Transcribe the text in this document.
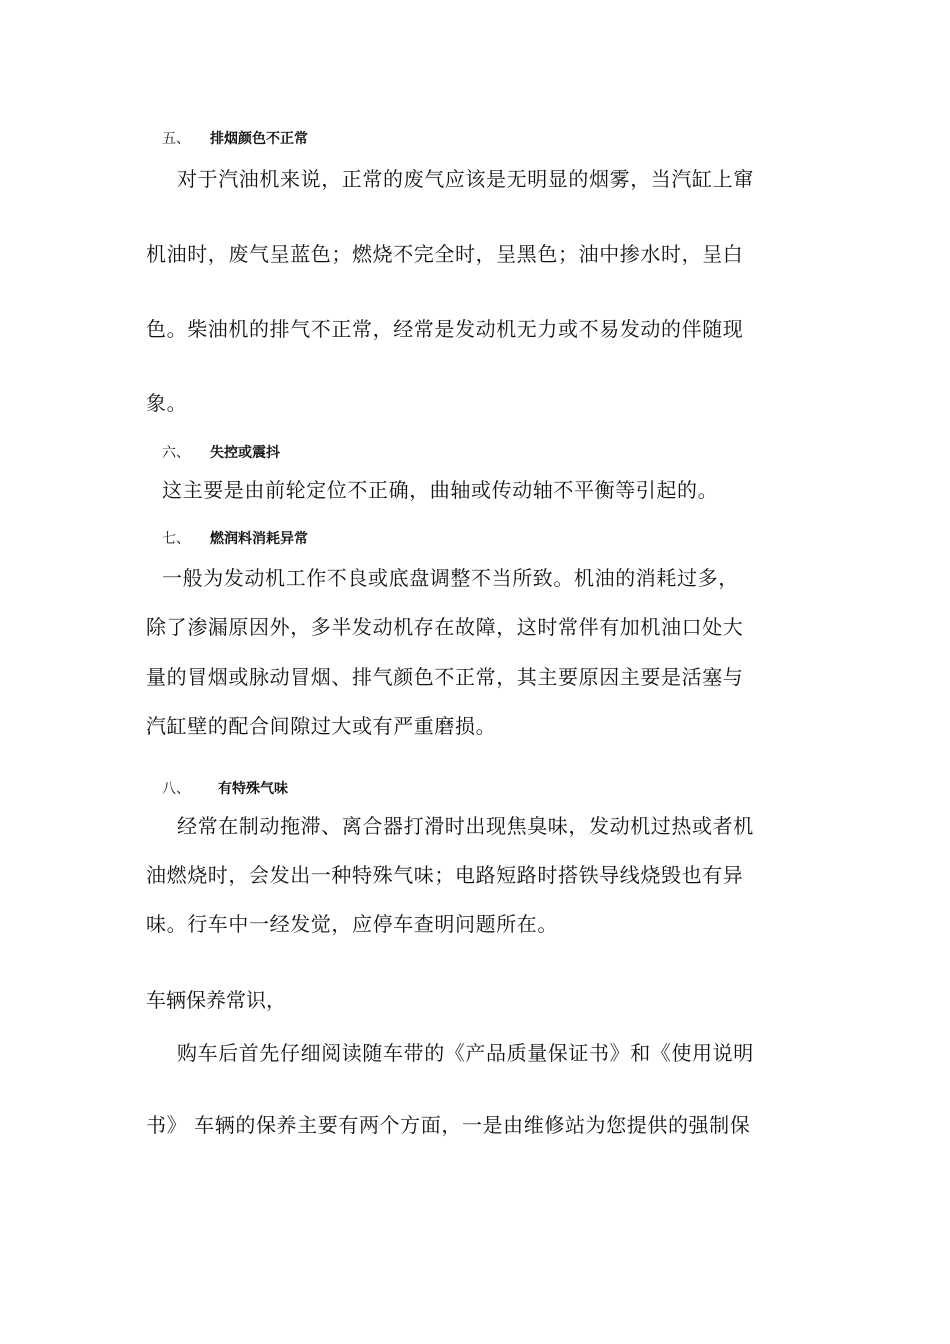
五、 排烟颜色不正常
对于汽油机来说，正常的废气应该是无明显的烟雾，当汽缸上窜
机油时，废气呈蓝色；燃烧不完全时，呈黑色；油中掺水时，呈白
色。柴油机的排气不正常，经常是发动机无力或不易发动的伴随现
象。
六、 失控或震抖
这主要是由前轮定位不正确，曲轴或传动轴不平衡等引起的。
七、 燃润料消耗异常
一般为发动机工作不良或底盘调整不当所致。机油的消耗过多，
除了渗漏原因外，多半发动机存在故障，这时常伴有加机油口处大
量的冒烟或脉动冒烟、排气颜色不正常，其主要原因主要是活塞与
汽缸壁的配合间隙过大或有严重磨损。
八、 有特殊气味
经常在制动拖滞、离合器打滑时出现焦臭味，发动机过热或者机
油燃烧时，会发出一种特殊气味；电路短路时搭铁导线烧毁也有异
味。行车中一经发觉，应停车查明问题所在。
车辆保养常识，
购车后首先仔细阅读随车带的《产品质量保证书》和《使用说明
书》 车辆的保养主要有两个方面，一是由维修站为您提供的强制保
